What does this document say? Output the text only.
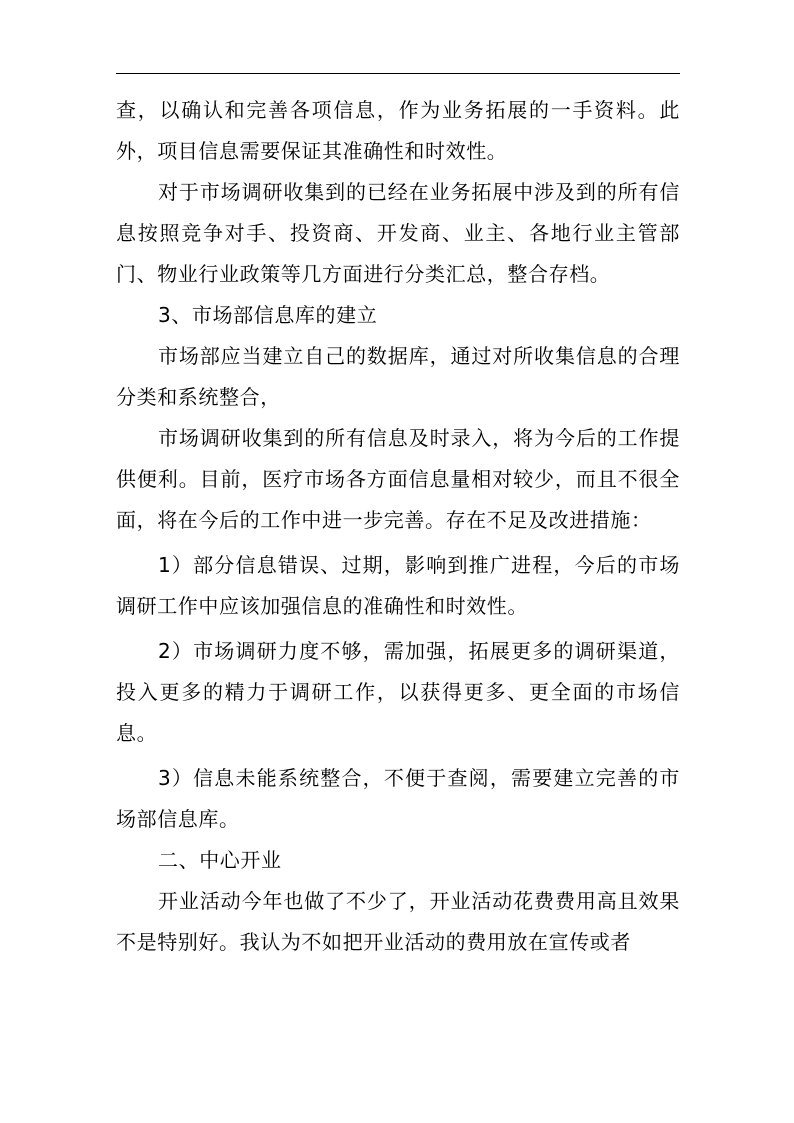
查，以确认和完善各项信息，作为业务拓展的一手资料。此外，项目信息需要保证其准确性和时效性。

对于市场调研收集到的已经在业务拓展中涉及到的所有信息按照竞争对手、投资商、开发商、业主、各地行业主管部门、物业行业政策等几方面进行分类汇总，整合存档。

3、市场部信息库的建立

市场部应当建立自己的数据库，通过对所收集信息的合理分类和系统整合，

市场调研收集到的所有信息及时录入，将为今后的工作提供便利。目前，医疗市场各方面信息量相对较少，而且不很全面，将在今后的工作中进一步完善。存在不足及改进措施：

1）部分信息错误、过期，影响到推广进程，今后的市场调研工作中应该加强信息的准确性和时效性。

2）市场调研力度不够，需加强，拓展更多的调研渠道，投入更多的精力于调研工作，以获得更多、更全面的市场信息。

3）信息未能系统整合，不便于查阅，需要建立完善的市场部信息库。

二、中心开业

开业活动今年也做了不少了，开业活动花费费用高且效果不是特别好。我认为不如把开业活动的费用放在宣传或者
